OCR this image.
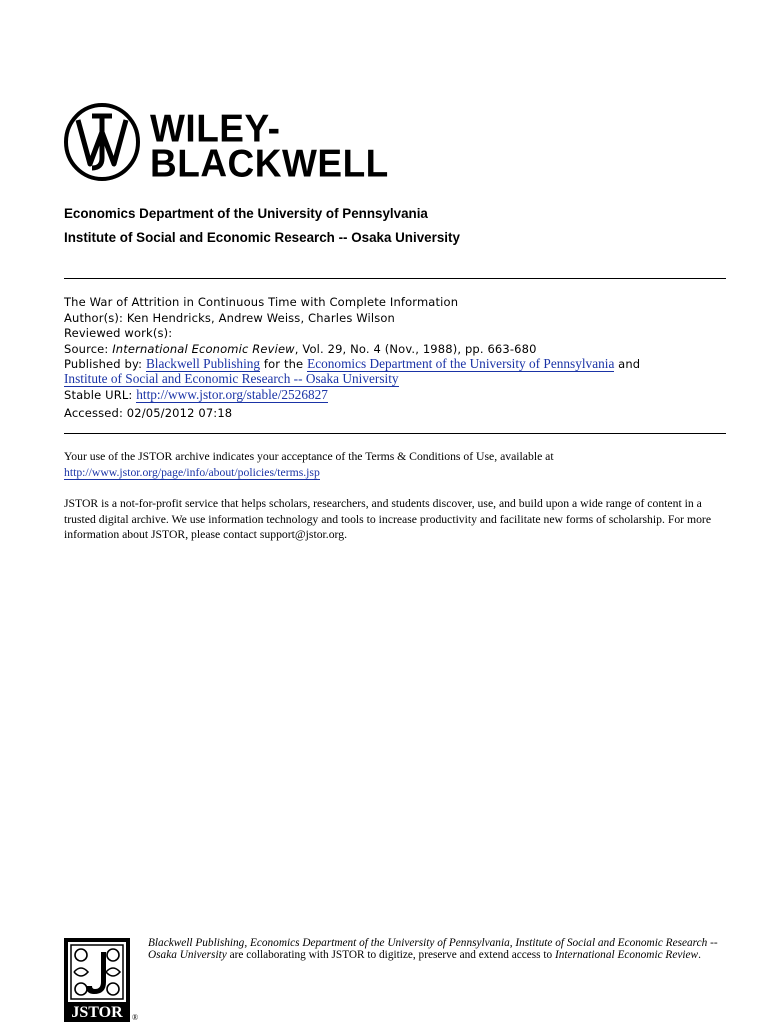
WILEY-
BLACKWELL
Economics Department of the University of Pennsylvania
Institute of Social and Economic Research -- Osaka University
The War of Attrition in Continuous Time with Complete Information
Author(s): Ken Hendricks, Andrew Weiss, Charles Wilson
Reviewed work(s):
Source: International Economic Review, Vol. 29, No. 4 (Nov., 1988), pp. 663-680
Published by: Blackwell Publishing for the Economics Department of the University of Pennsylvania and
Institute of Social and Economic Research -- Osaka University
Stable URL: http://www.jstor.org/stable/2526827
Accessed: 02/05/2012 07:18
Your use of the JSTOR archive indicates your acceptance of the Terms & Conditions of Use, available at
http://www.jstor.org/page/info/about/policies/terms.jsp
JSTOR is a not-for-profit service that helps scholars, researchers, and students discover, use, and build upon a wide range of content in a trusted digital archive. We use information technology and tools to increase productivity and facilitate new forms of scholarship. For more information about JSTOR, please contact support@jstor.org.
JSTOR ®
Blackwell Publishing, Economics Department of the University of Pennsylvania, Institute of Social and Economic Research -- Osaka University are collaborating with JSTOR to digitize, preserve and extend access to International Economic Review.
